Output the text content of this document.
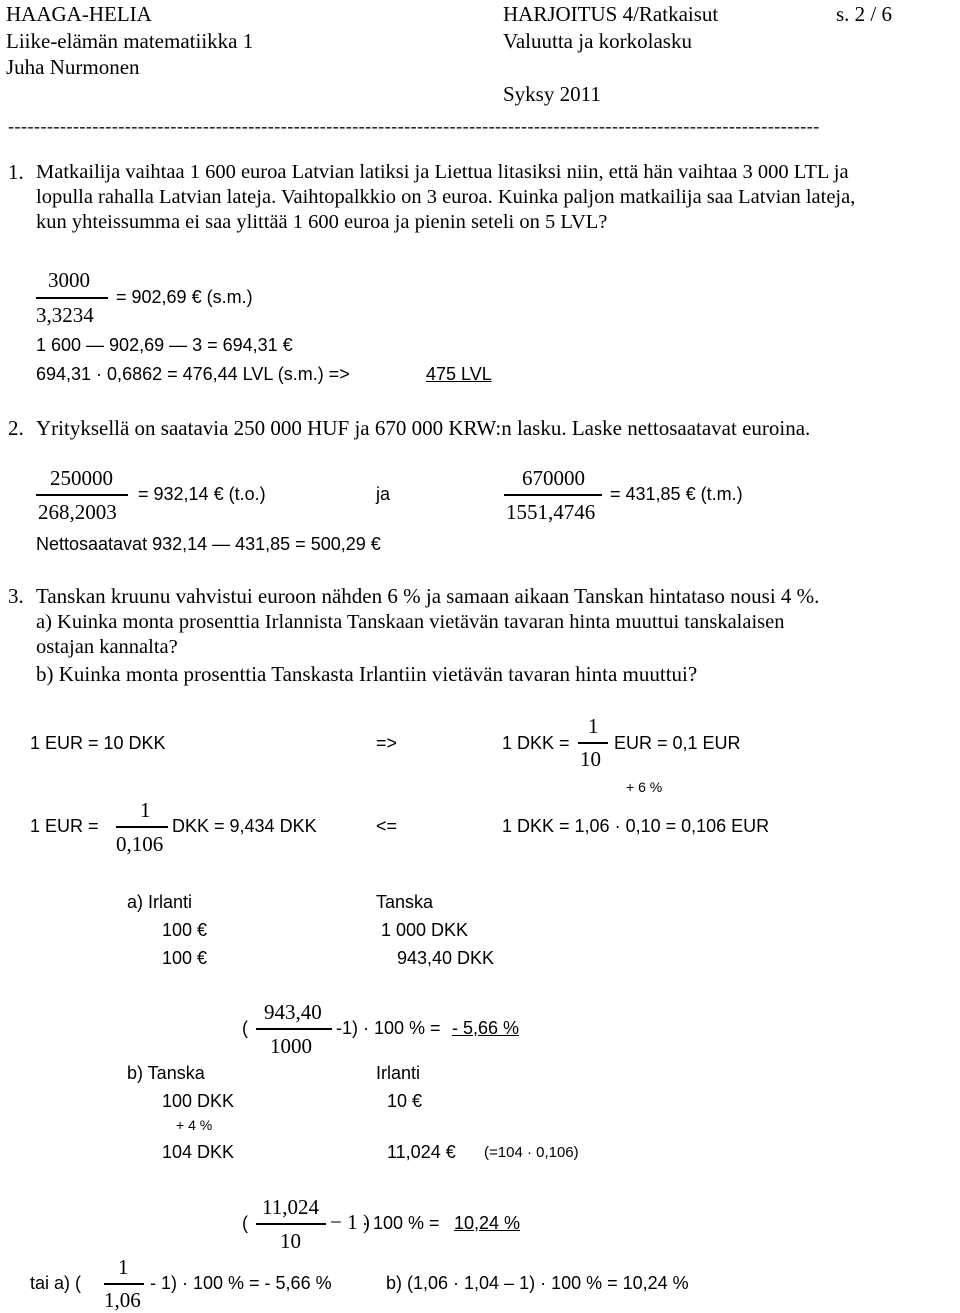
HAAGA-HELIA	HARJOITUS 4/Ratkaisut	s. 2 / 6
Liike-elämän matematiikka 1	Valuutta ja korkolasku
Juha Nurmonen
Syksy 2011
-----------------------------------------------------------------------------------------------------------------------------
1. Matkailija vaihtaa 1 600 euroa Latvian latiksi ja Liettua litasiksi niin, että hän vaihtaa 3 000 LTL ja
lopulla rahalla Latvian lateja. Vaihtopalkkio on 3 euroa. Kuinka paljon matkailija saa Latvian lateja,
kun yhteissumma ei saa ylittää 1 600 euroa ja pienin seteli on 5 LVL?
3000
3,3234
= 902,69 € (s.m.)
1 600 — 902,69 — 3 = 694,31 €
694,31 · 0,6862 = 476,44 LVL (s.m.) =>	475 LVL
2. Yrityksellä on saatavia 250 000 HUF ja 670 000 KRW:n lasku. Laske nettosaatavat euroina.
250000
268,2003
= 932,14 € (t.o.)	ja
670000
1551,4746
= 431,85 € (t.m.)
Nettosaatavat 932,14 — 431,85 = 500,29 €
3. Tanskan kruunu vahvistui euroon nähden 6 % ja samaan aikaan Tanskan hintataso nousi 4 %.
a) Kuinka monta prosenttia Irlannista Tanskaan vietävän tavaran hinta muuttui tanskalaisen
ostajan kannalta?
b) Kuinka monta prosenttia Tanskasta Irlantiin vietävän tavaran hinta muuttui?
1 EUR = 10 DKK	=>	1 DKK =
1
10
EUR = 0,1 EUR
+ 6 %
1 EUR =
1
0,106
DKK = 9,434 DKK	<=	1 DKK = 1,06 · 0,10 = 0,106 EUR
a) Irlanti	Tanska
100 €	1 000 DKK
100 €	943,40 DKK
(
943,40
1000
-1) · 100 % = - 5,66 %
b) Tanska	Irlanti
100 DKK	10 €
+ 4 %
104 DKK	11,024 € (=104 · 0,106)
(
11,024
10
− 1 )
· 100 % = 10,24 %
tai a) (
1
1,06
- 1) · 100 % = - 5,66 %	b) (1,06 · 1,04 – 1) · 100 % = 10,24 %
